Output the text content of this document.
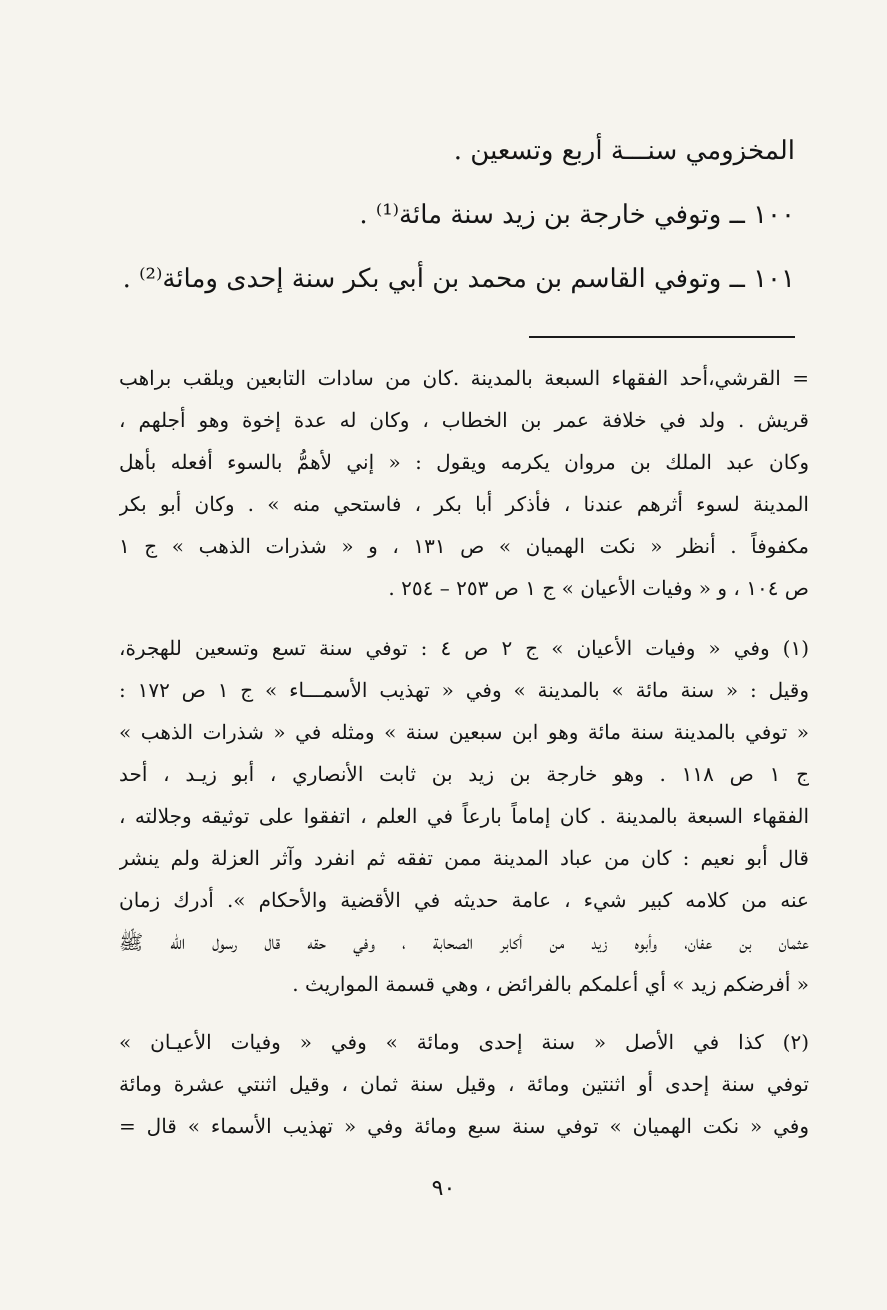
المخزومي سنـــة أربع وتسعين .
١٠٠ ــ وتوفي خارجة بن زيد سنة مائة⁽¹⁾ .
١٠١ ــ وتوفي القاسم بن محمد بن أبي بكر سنة إحدى ومائة⁽²⁾ .
= القرشي،أحد الفقهاء السبعة بالمدينة .كان من سادات التابعين ويلقب براهب
قريش . ولد في خلافة عمر بن الخطاب ، وكان له عدة إخوة وهو أجلهم ،
وكان عبد الملك بن مروان يكرمه ويقول : « إني لأهمُّ بالسوء أفعله بأهل
المدينة لسوء أثرهم عندنا ، فأذكر أبا بكر ، فاستحي منه » . وكان أبو بكر
مكفوفاً . أنظر « نكت الهميان » ص ١٣١ ، و « شذرات الذهب » ج ١
ص ١٠٤ ، و « وفيات الأعيان » ج ١ ص ٢٥٣ – ٢٥٤ .
(١) وفي « وفيات الأعيان » ج ٢ ص ٤ : توفي سنة تسع وتسعين للهجرة،
وقيل : « سنة مائة » بالمدينة » وفي « تهذيب الأسمـــاء » ج ١ ص ١٧٢ :
« توفي بالمدينة سنة مائة وهو ابن سبعين سنة » ومثله في « شذرات الذهب »
ج ١ ص ١١٨ . وهو خارجة بن زيد بن ثابت الأنصاري ، أبو زيـد ، أحد
الفقهاء السبعة بالمدينة . كان إماماً بارعاً في العلم ، اتفقوا على توثيقه وجلالته ،
قال أبو نعيم : كان من عباد المدينة ممن تفقه ثم انفرد وآثر العزلة ولم ينشر
عنه من كلامه كبير شيء ، عامة حديثه في الأقضية والأحكام ». أدرك زمان
عثمان بن عفان، وأبوه زيد من أكابر الصحابة ، وفي حقه قال رسول الله ﷺ
« أفرضكم زيد » أي أعلمكم بالفرائض ، وهي قسمة المواريث .
(٢) كذا في الأصل « سنة إحدى ومائة » وفي « وفيات الأعيـان »
توفي سنة إحدى أو اثنتين ومائة ، وقيل سنة ثمان ، وقيل اثنتي عشرة ومائة
وفي « نكت الهميان » توفي سنة سبع ومائة وفي « تهذيب الأسماء » قال =
٩٠
